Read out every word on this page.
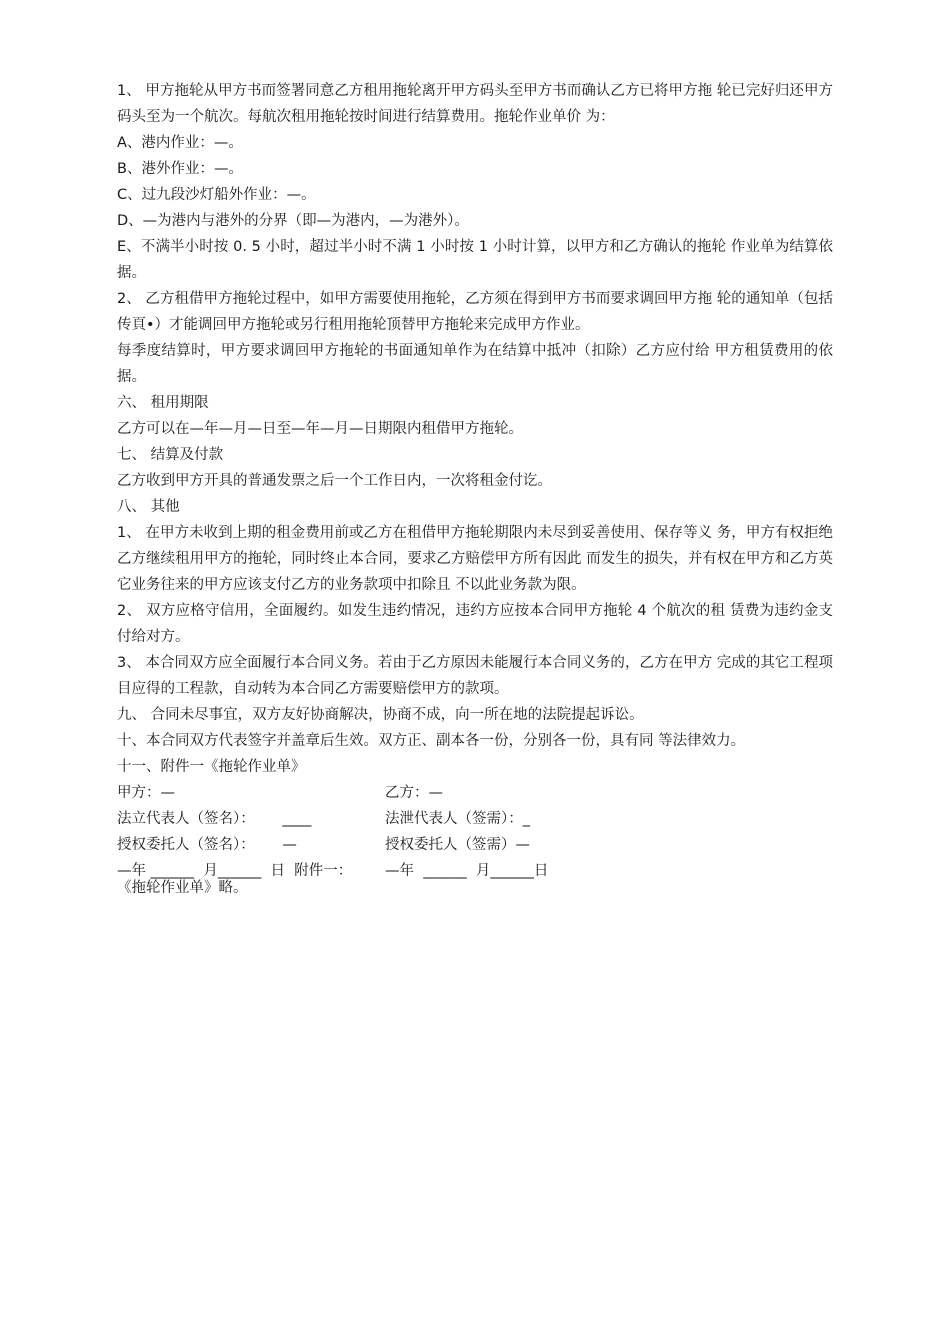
1、 甲方拖轮从甲方书而签署同意乙方租用拖轮离开甲方码头至甲方书而确认乙方已将甲方拖 轮已完好归还甲方码头至为一个航次。每航次租用拖轮按时间进行结算费用。拖轮作业单价 为：

A、港内作业：—。

B、港外作业：—。

C、过九段沙灯船外作业：—。

D、—为港内与港外的分界（即—为港内，—为港外）。

E、不满半小时按 0. 5 小时，超过半小时不满 1 小时按 1 小时计算，以甲方和乙方确认的拖轮 作业单为结算依据。

2、 乙方租借甲方拖轮过程中，如甲方需要使用拖轮，乙方须在得到甲方书而要求调回甲方拖 轮的通知单（包括传頁•）才能调回甲方拖轮或另行租用拖轮顶替甲方拖轮来完成甲方作业。

每季度结算时，甲方要求调回甲方拖轮的书面通知单作为在结算中抵冲（扣除）乙方应付给 甲方租赁费用的依据。

六、 租用期限

乙方可以在—年—月—日至—年—月—日期限内租借甲方拖轮。

七、 结算及付款

乙方收到甲方开具的普通发票之后一个工作日内，一次将租金付讫。

八、 其他

1、 在甲方未收到上期的租金费用前或乙方在租借甲方拖轮期限内未尽到妥善使用、保存等义 务，甲方有权拒绝乙方继续租用甲方的拖轮，同时终止本合同，要求乙方赔偿甲方所有因此 而发生的损失，并有权在甲方和乙方英它业务往来的甲方应该支付乙方的业务款项中扣除且 不以此业务款为限。

2、 双方应格守信用，全面履约。如发生违约情况，违约方应按本合同甲方拖轮 4 个航次的租 赁费为违约金支付给对方。

3、 本合同双方应全面履行本合同义务。若由于乙方原因未能履行本合同义务的，乙方在甲方 完成的其它工程项目应得的工程款，自动转为本合同乙方需要赔偿甲方的款项。

九、 合同未尽事宜，双方友好协商解决，协商不成，向一所在地的法院提起诉讼。

十、本合同双方代表签字并盖章后生效。双方正、副本各一份，分别各一份，具有同 等法律效力。

十一、附件一《拖轮作业单》

甲方：—	乙方：—
法立代表人（签名）：      ____	法泄代表人（签需）：_
授权委托人（签名）：      —	授权委托人（签需）—
—年 ______  月______  日  附件一： —年  ______  月______日

《拖轮作业单》略。
